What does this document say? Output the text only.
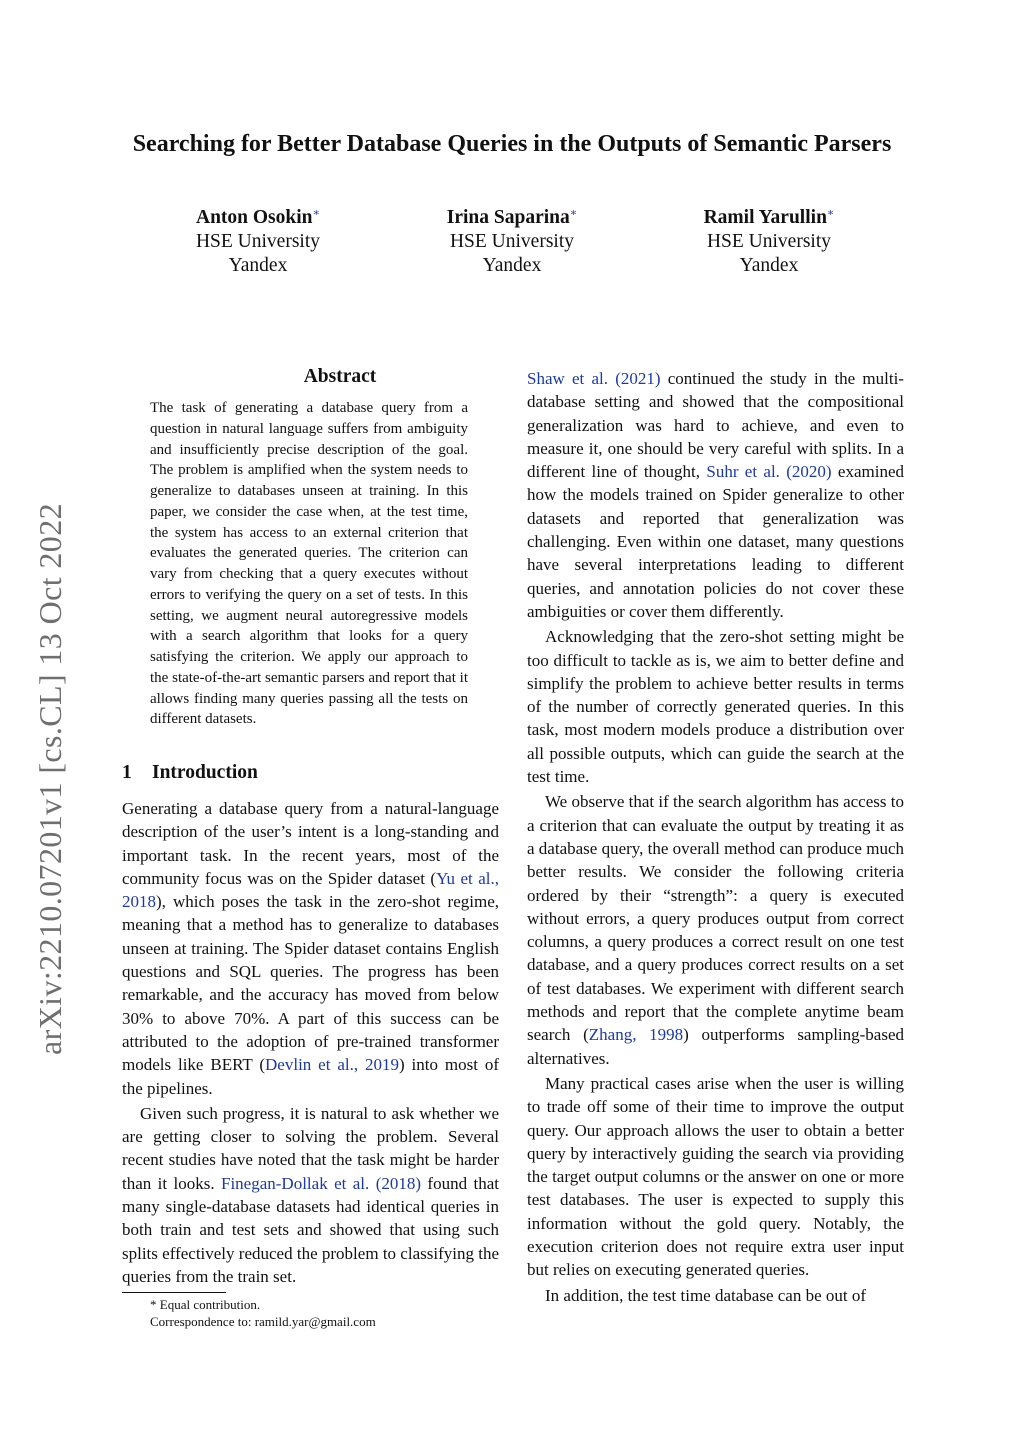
Searching for Better Database Queries in the Outputs of Semantic Parsers
Anton Osokin∗
HSE University
Yandex
Irina Saparina∗
HSE University
Yandex
Ramil Yarullin∗
HSE University
Yandex
arXiv:2210.07201v1 [cs.CL] 13 Oct 2022
Abstract

The task of generating a database query from a question in natural language suffers from ambiguity and insufficiently precise description of the goal. The problem is amplified when the system needs to generalize to databases unseen at training. In this paper, we consider the case when, at the test time, the system has access to an external criterion that evaluates the generated queries. The criterion can vary from checking that a query executes without errors to verifying the query on a set of tests. In this setting, we augment neural autoregressive models with a search algorithm that looks for a query satisfying the criterion. We apply our approach to the state-of-the-art semantic parsers and report that it allows finding many queries passing all the tests on different datasets.

1 Introduction

Generating a database query from a natural-language description of the user’s intent is a long-standing and important task. In the recent years, most of the community focus was on the Spider dataset (Yu et al., 2018), which poses the task in the zero-shot regime, meaning that a method has to generalize to databases unseen at training. The Spider dataset contains English questions and SQL queries. The progress has been remarkable, and the accuracy has moved from below 30% to above 70%. A part of this success can be attributed to the adoption of pre-trained transformer models like BERT (Devlin et al., 2019) into most of the pipelines.

Given such progress, it is natural to ask whether we are getting closer to solving the problem. Several recent studies have noted that the task might be harder than it looks. Finegan-Dollak et al. (2018) found that many single-database datasets had identical queries in both train and test sets and showed that using such splits effectively reduced the problem to classifying the queries from the train set.

Shaw et al. (2021) continued the study in the multi-database setting and showed that the compositional generalization was hard to achieve, and even to measure it, one should be very careful with splits. In a different line of thought, Suhr et al. (2020) examined how the models trained on Spider generalize to other datasets and reported that generalization was challenging. Even within one dataset, many questions have several interpretations leading to different queries, and annotation policies do not cover these ambiguities or cover them differently.

Acknowledging that the zero-shot setting might be too difficult to tackle as is, we aim to better define and simplify the problem to achieve better results in terms of the number of correctly generated queries. In this task, most modern models produce a distribution over all possible outputs, which can guide the search at the test time.

We observe that if the search algorithm has access to a criterion that can evaluate the output by treating it as a database query, the overall method can produce much better results. We consider the following criteria ordered by their “strength”: a query is executed without errors, a query produces output from correct columns, a query produces a correct result on one test database, and a query produces correct results on a set of test databases. We experiment with different search methods and report that the complete anytime beam search (Zhang, 1998) outperforms sampling-based alternatives.

Many practical cases arise when the user is willing to trade off some of their time to improve the output query. Our approach allows the user to obtain a better query by interactively guiding the search via providing the target output columns or the answer on one or more test databases. The user is expected to supply this information without the gold query. Notably, the execution criterion does not require extra user input but relies on executing generated queries.

In addition, the test time database can be out of

* Equal contribution.

Correspondence to: ramild.yar@gmail.com
